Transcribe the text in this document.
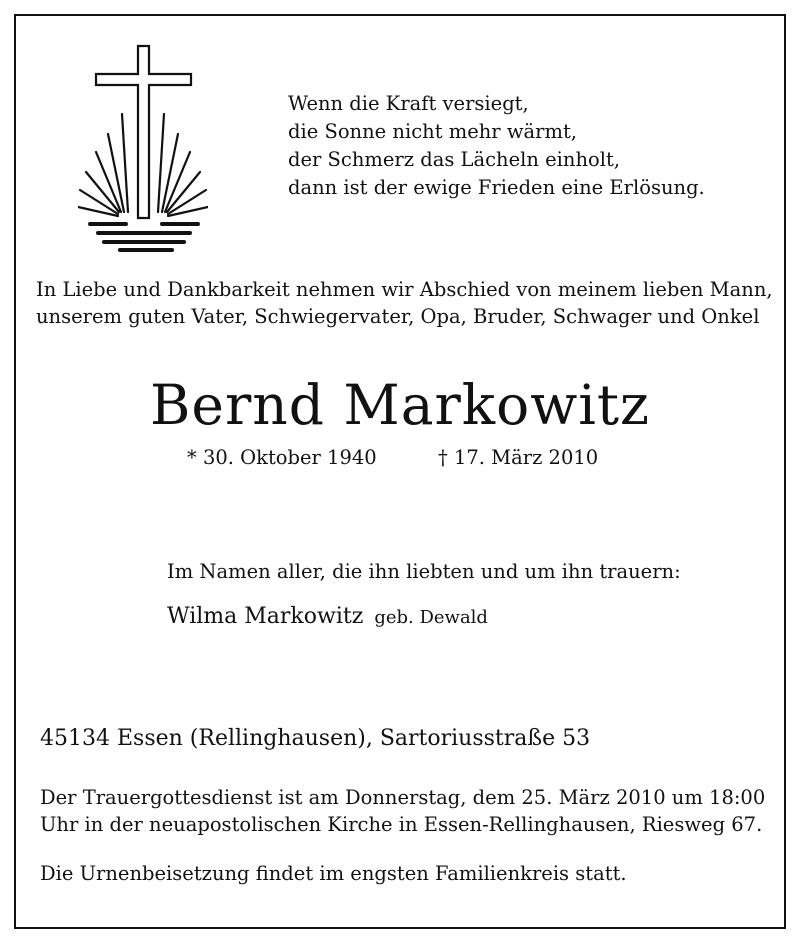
Wenn die Kraft versiegt,
die Sonne nicht mehr wärmt,
der Schmerz das Lächeln einholt,
dann ist der ewige Frieden eine Erlösung.
In Liebe und Dankbarkeit nehmen wir Abschied von meinem lieben Mann, unserem guten Vater, Schwiegervater, Opa, Bruder, Schwager und Onkel
Bernd Markowitz
* 30. Oktober 1940	† 17. März 2010
Im Namen aller, die ihn liebten und um ihn trauern:
Wilma Markowitz geb. Dewald
45134 Essen (Rellinghausen), Sartoriusstraße 53
Der Trauergottesdienst ist am Donnerstag, dem 25. März 2010 um 18:00
Uhr in der neuapostolischen Kirche in Essen-Rellinghausen, Riesweg 67.
Die Urnenbeisetzung findet im engsten Familienkreis statt.
